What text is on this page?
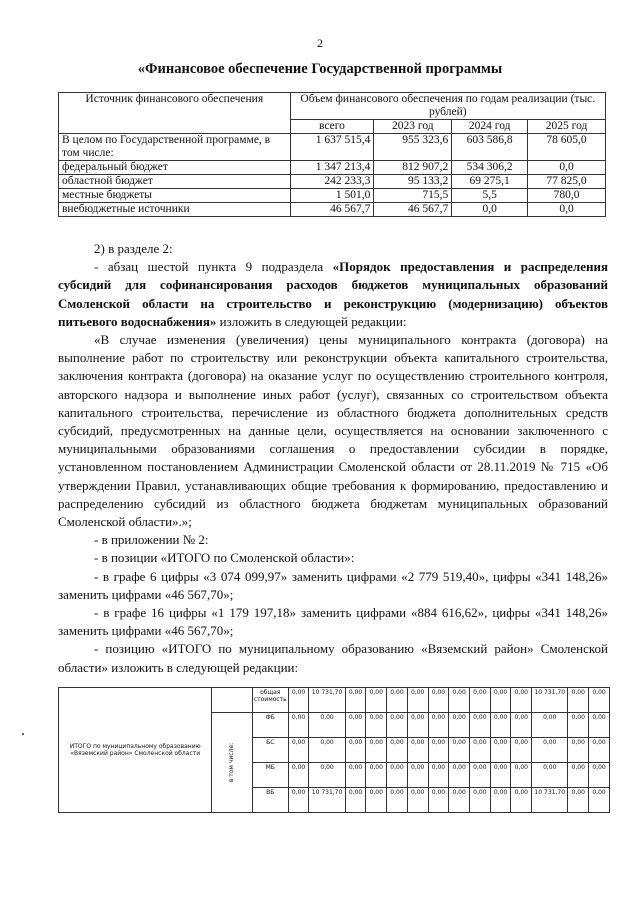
2
«Финансовое обеспечение Государственной программы
Источник финансового обеспечения	Объем финансового обеспечения по годам реализации (тыс. рублей)			
	всего	2023 год	2024 год	2025 год
В целом по Государственной программе, в том числе:	1 637 515,4	955 323,6	603 586,8	78 605,0
федеральный бюджет	1 347 213,4	812 907,2	534 306,2	0,0
областной бюджет	242 233,3	95 133,2	69 275,1	77 825,0
местные бюджеты	1 501,0	715,5	5,5	780,0
внебюджетные источники	46 567,7	46 567,7	0,0	0,0

2) в разделе 2:

- абзац шестой пункта 9 подраздела «Порядок предоставления и распределения субсидий для софинансирования расходов бюджетов муниципальных образований Смоленской области на строительство и реконструкцию (модернизацию) объектов питьевого водоснабжения» изложить в следующей редакции:

«В случае изменения (увеличения) цены муниципального контракта (договора) на выполнение работ по строительству или реконструкции объекта капитального строительства, заключения контракта (договора) на оказание услуг по осуществлению строительного контроля, авторского надзора и выполнение иных работ (услуг), связанных со строительством объекта капитального строительства, перечисление из областного бюджета дополнительных средств субсидий, предусмотренных на данные цели, осуществляется на основании заключенного с муниципальными образованиями соглашения о предоставлении субсидии в порядке, установленном постановлением Администрации Смоленской области от 28.11.2019 № 715 «Об утверждении Правил, устанавливающих общие требования к формированию, предоставлению и распределению субсидий из областного бюджета бюджетам муниципальных образований Смоленской области».»;

- в приложении № 2:

- в позиции «ИТОГО по Смоленской области»:

- в графе 6 цифры «3 074 099,97» заменить цифрами «2 779 519,40», цифры «341 148,26» заменить цифрами «46 567,70»;

- в графе 16 цифры «1 179 197,18» заменить цифрами «884 616,62», цифры «341 148,26» заменить цифрами «46 567,70»;

- позицию «ИТОГО по муниципальному образованию «Вяземский район» Смоленской области» изложить в следующей редакции:

ИТОГО по муниципальному образованию «Вяземский район» Смоленской области		общая стоимость	0,00	10 731,70	0,00	0,00	0,00	0,00	0,00	0,00	0,00	0,00	0,00	10 731,70	0,00	0,00
	в том числе:	ФБ	0,00	0,00	0,00	0,00	0,00	0,00	0,00	0,00	0,00	0,00	0,00	0,00	0,00	0,00
		БС	0,00	0,00	0,00	0,00	0,00	0,00	0,00	0,00	0,00	0,00	0,00	0,00	0,00	0,00
		МБ	0,00	0,00	0,00	0,00	0,00	0,00	0,00	0,00	0,00	0,00	0,00	0,00	0,00	0,00
		ВБ	0,00	10 731,70	0,00	0,00	0,00	0,00	0,00	0,00	0,00	0,00	0,00	10 731,70	0,00	0,00
